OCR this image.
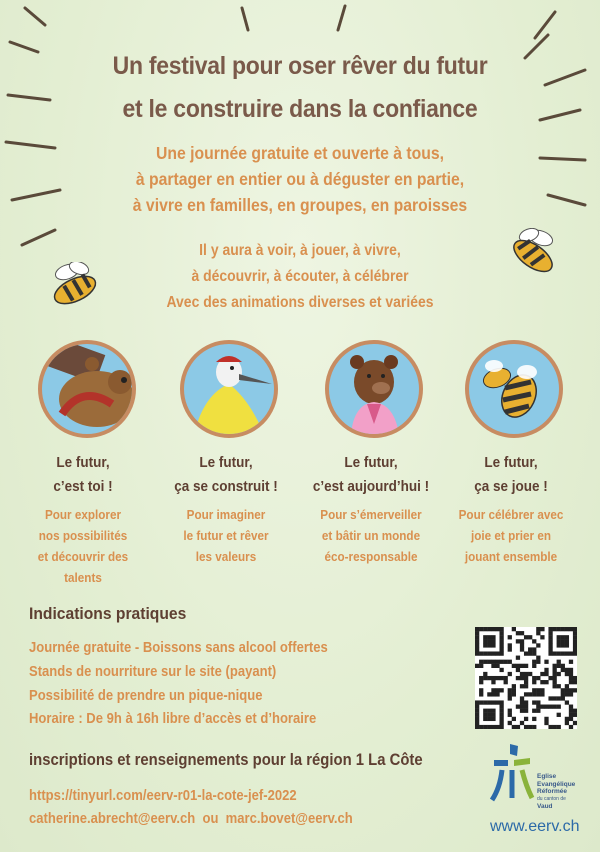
Un festival pour oser rêver du futur
et le construire dans la confiance
Une journée gratuite et ouverte à tous,
à partager en entier ou à déguster en partie,
à vivre en familles, en groupes, en paroisses
Il y aura à voir, à jouer, à vivre,
à découvrir, à écouter, à célébrer
Avec des animations diverses et variées
Le futur,
c’est toi !
Le futur,
ça se construit !
Le futur,
c’est aujourd’hui !
Le futur,
ça se joue !
Pour explorer
nos possibilités
et découvrir des
talents
Pour imaginer
le futur et rêver
les valeurs
Pour s’émerveiller
et bâtir un monde
éco-responsable
Pour célébrer avec
joie et prier en
jouant ensemble
Indications pratiques
Journée gratuite - Boissons sans alcool offertes
Stands de nourriture sur le site (payant)
Possibilité de prendre un pique-nique
Horaire : De 9h à 16h libre d’accès et d’horaire
inscriptions et renseignements pour la région 1 La Côte
https://tinyurl.com/eerv-r01-la-cote-jef-2022
catherine.abrecht@eerv.ch ou marc.bovet@eerv.ch
Eglise
Evangélique
Réformée
du canton de
Vaud
www.eerv.ch
